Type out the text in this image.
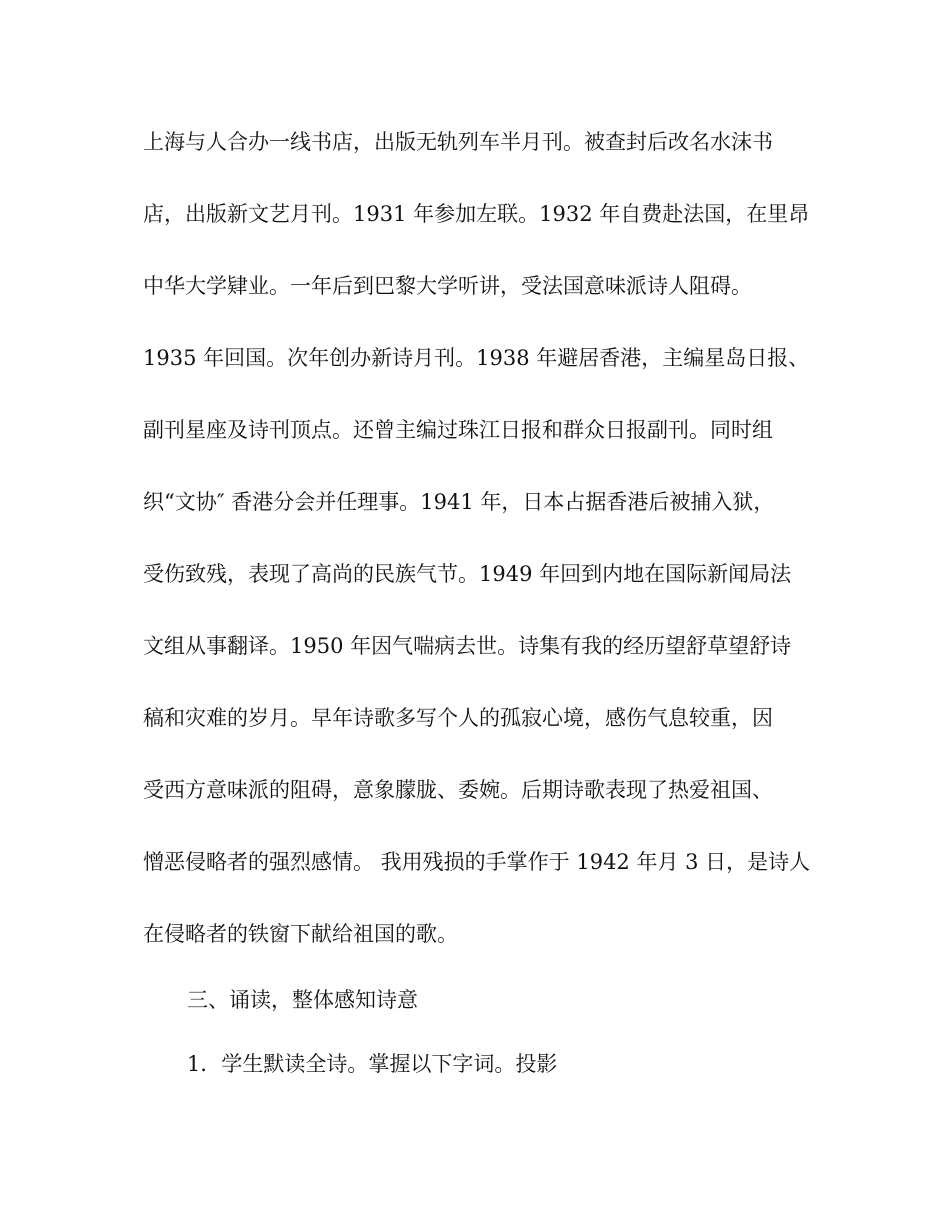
上海与人合办一线书店，出版无轨列车半月刊。被查封后改名水沫书

店，出版新文艺月刊。1931 年参加左联。1932 年自费赴法国，在里昂

中华大学肄业。一年后到巴黎大学听讲，受法国意味派诗人阻碍。

1935 年回国。次年创办新诗月刊。1938 年避居香港，主编星岛日报、

副刊星座及诗刊顶点。还曾主编过珠江日报和群众日报副刊。同时组

织“文协″ 香港分会并任理事。1941 年，日本占据香港后被捕入狱，

受伤致残，表现了高尚的民族气节。1949 年回到内地在国际新闻局法

文组从事翻译。1950 年因气喘病去世。诗集有我的经历望舒草望舒诗

稿和灾难的岁月。早年诗歌多写个人的孤寂心境，感伤气息较重，因

受西方意味派的阻碍，意象朦胧、委婉。后期诗歌表现了热爱祖国、

憎恶侵略者的强烈感情。 我用残损的手掌作于 1942 年月 3 日，是诗人

在侵略者的铁窗下献给祖国的歌。

三、诵读，整体感知诗意

1．学生默读全诗。掌握以下字词。投影
